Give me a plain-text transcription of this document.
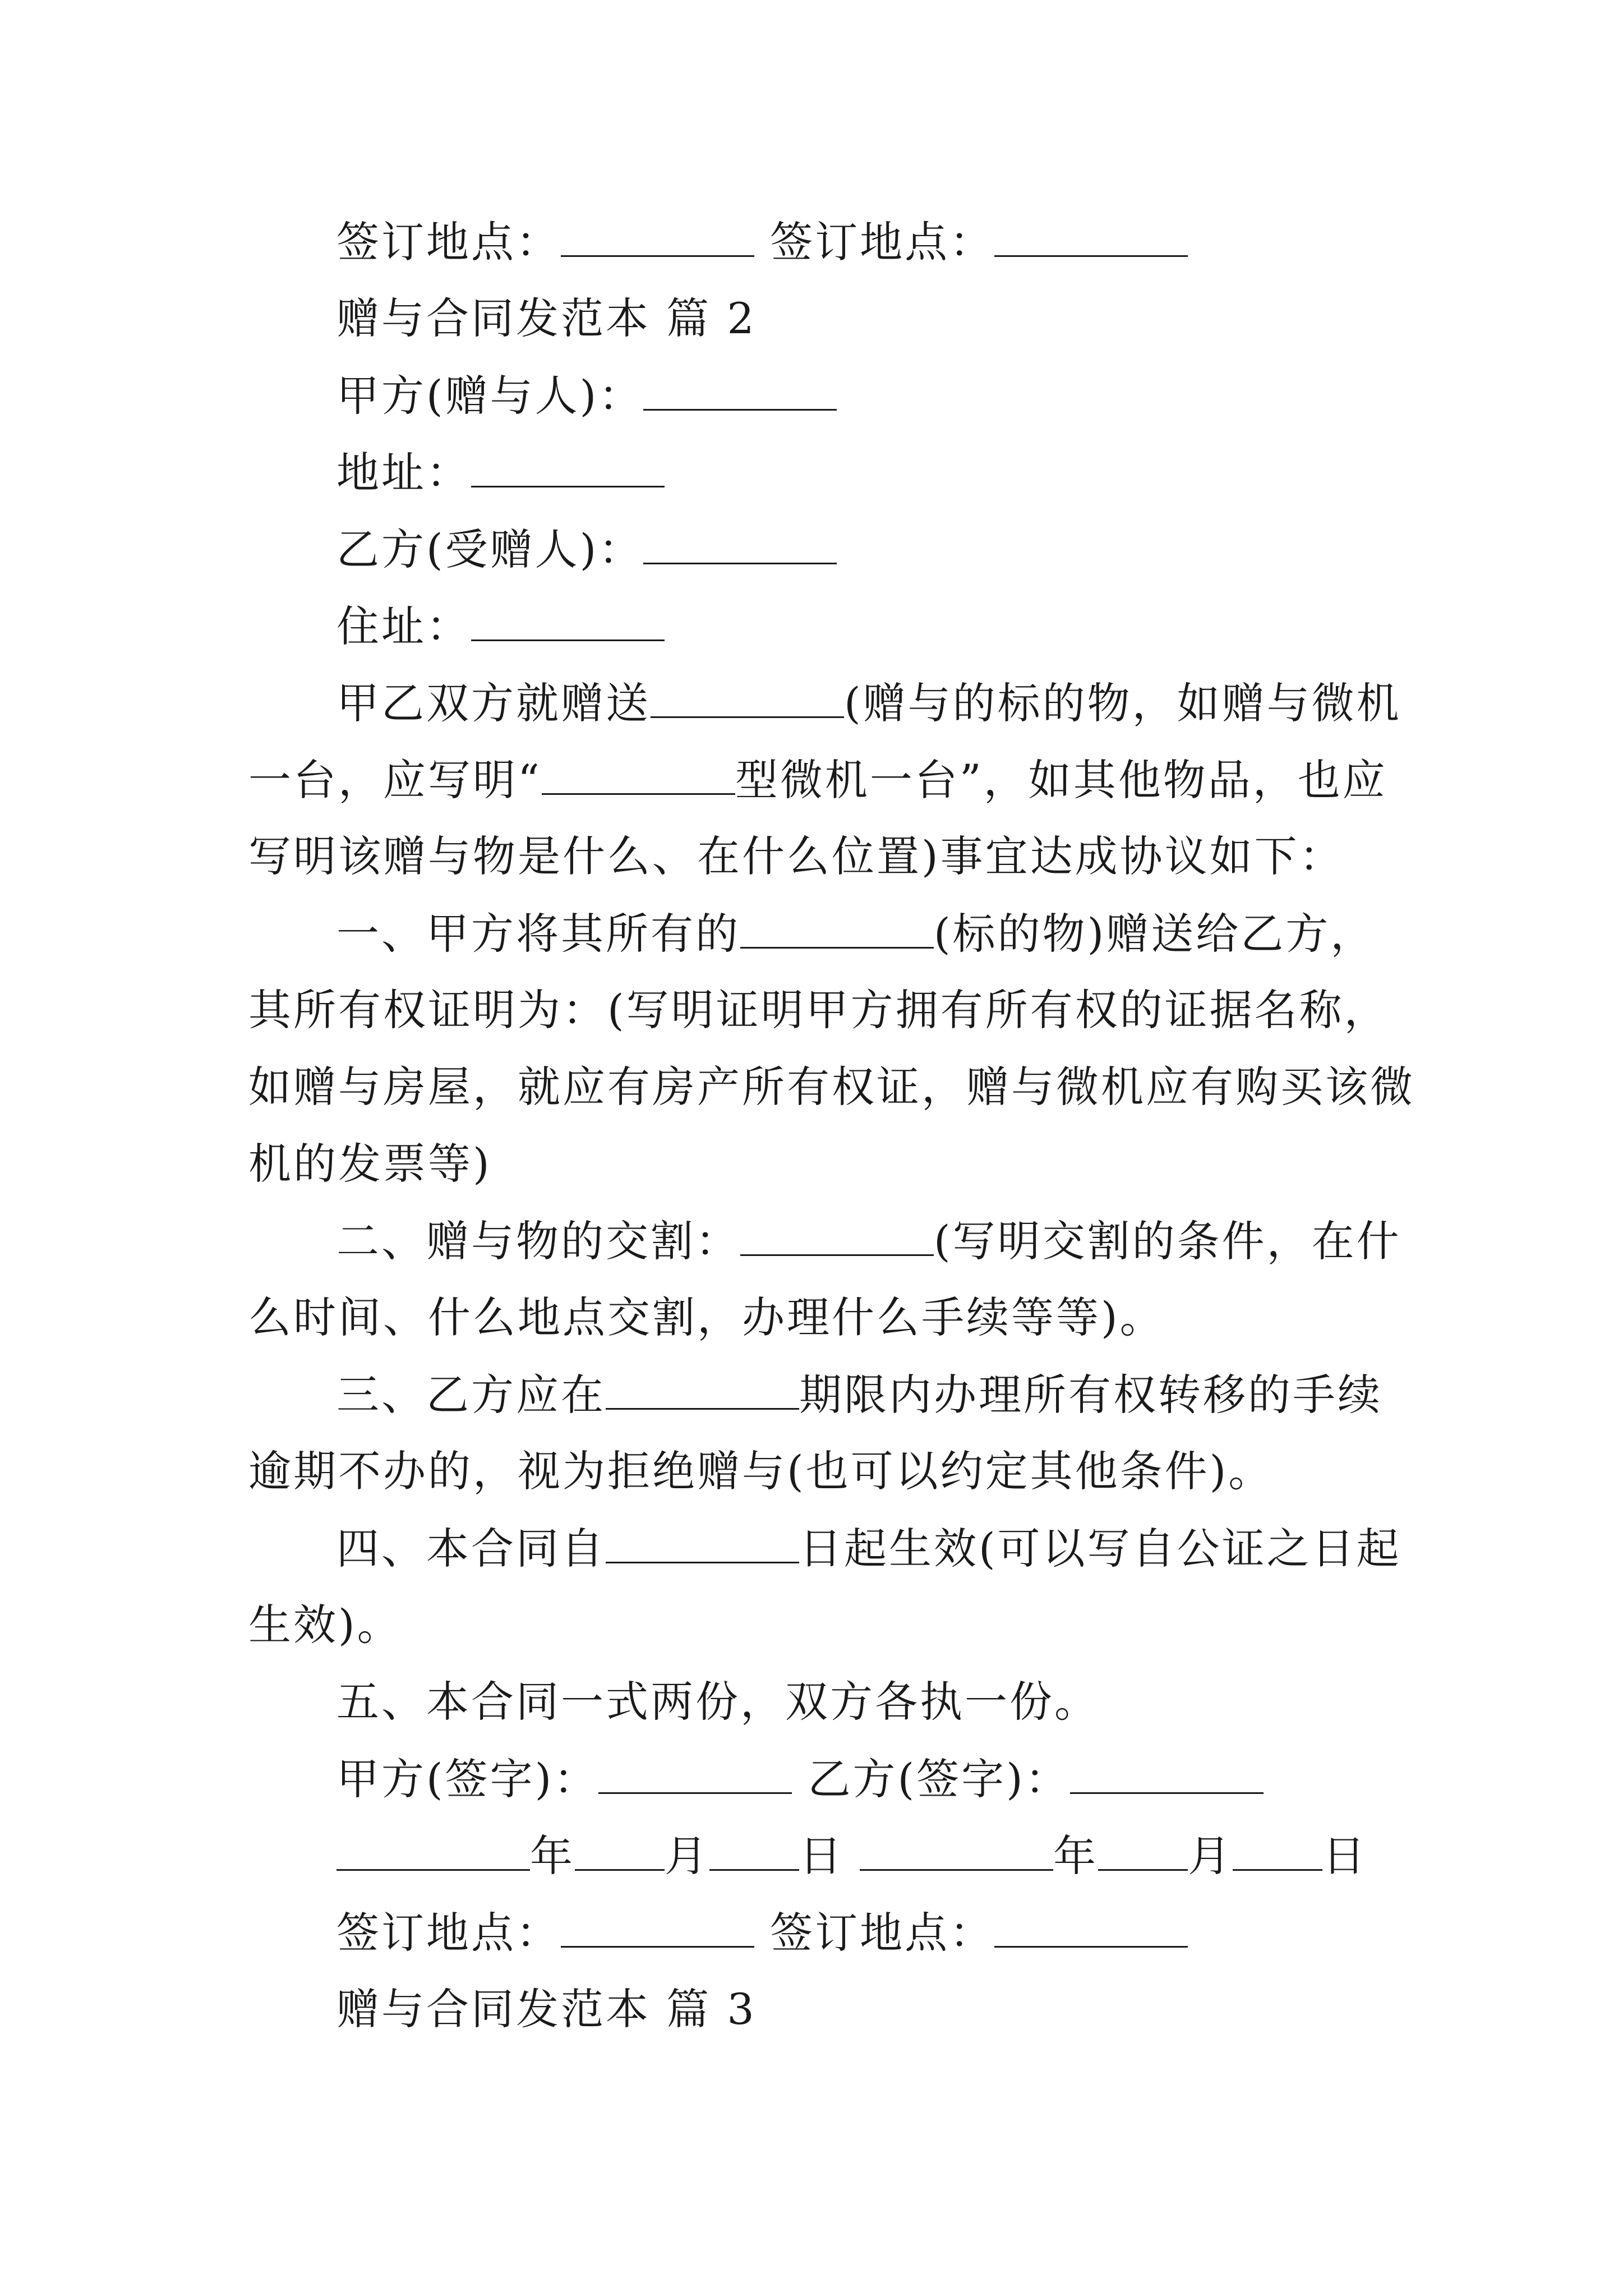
签订地点：	签订地点：
赠与合同发范本 篇 2
甲方(赠与人)：
地址：
乙方(受赠人)：
住址：
甲乙双方就赠送	(赠与的标的物，如赠与微机
一台，应写明“	型微机一台”，如其他物品，也应
写明该赠与物是什么、在什么位置)事宜达成协议如下：
一、甲方将其所有的	(标的物)赠送给乙方，
其所有权证明为：(写明证明甲方拥有所有权的证据名称，
如赠与房屋，就应有房产所有权证，赠与微机应有购买该微
机的发票等)
二、赠与物的交割：	(写明交割的条件，在什
么时间、什么地点交割，办理什么手续等等)。
三、乙方应在	期限内办理所有权转移的手续
逾期不办的，视为拒绝赠与(也可以约定其他条件)。
四、本合同自	日起生效(可以写自公证之日起
生效)。
五、本合同一式两份，双方各执一份。
甲方(签字)：	乙方(签字)：
年 月 日	年 月 日
签订地点：	签订地点：
赠与合同发范本 篇 3
